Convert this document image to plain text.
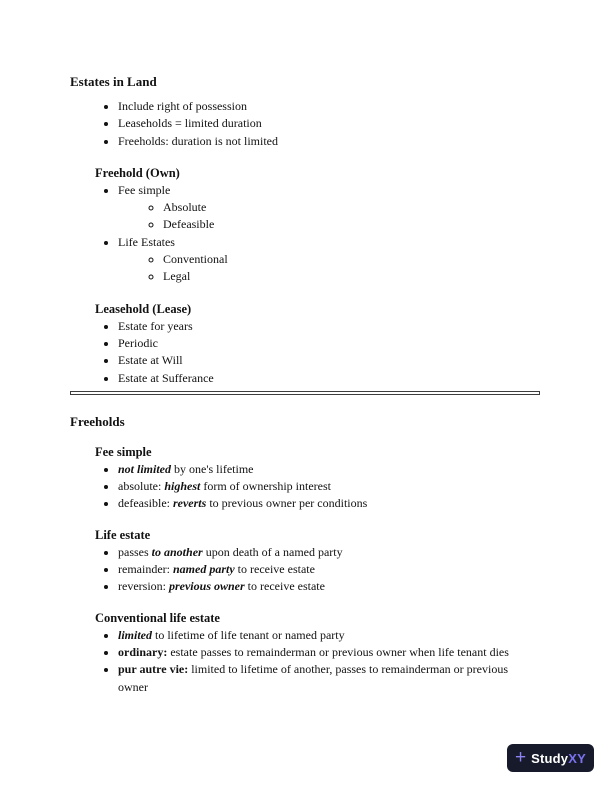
Estates in Land
• Include right of possession
• Leaseholds = limited duration
• Freeholds: duration is not limited
Freehold (Own)
• Fee simple
◦ Absolute
◦ Defeasible
• Life Estates
◦ Conventional
◦ Legal
Leasehold (Lease)
• Estate for years
• Periodic
• Estate at Will
• Estate at Sufferance
Freeholds
Fee simple
• not limited by one's lifetime
• absolute: highest form of ownership interest
• defeasible: reverts to previous owner per conditions
Life estate
• passes to another upon death of a named party
• remainder: named party to receive estate
• reversion: previous owner to receive estate
Conventional life estate
• limited to lifetime of life tenant or named party
• ordinary: estate passes to remainderman or previous owner when life tenant dies
• pur autre vie: limited to lifetime of another, passes to remainderman or previous owner
+ Study XY
